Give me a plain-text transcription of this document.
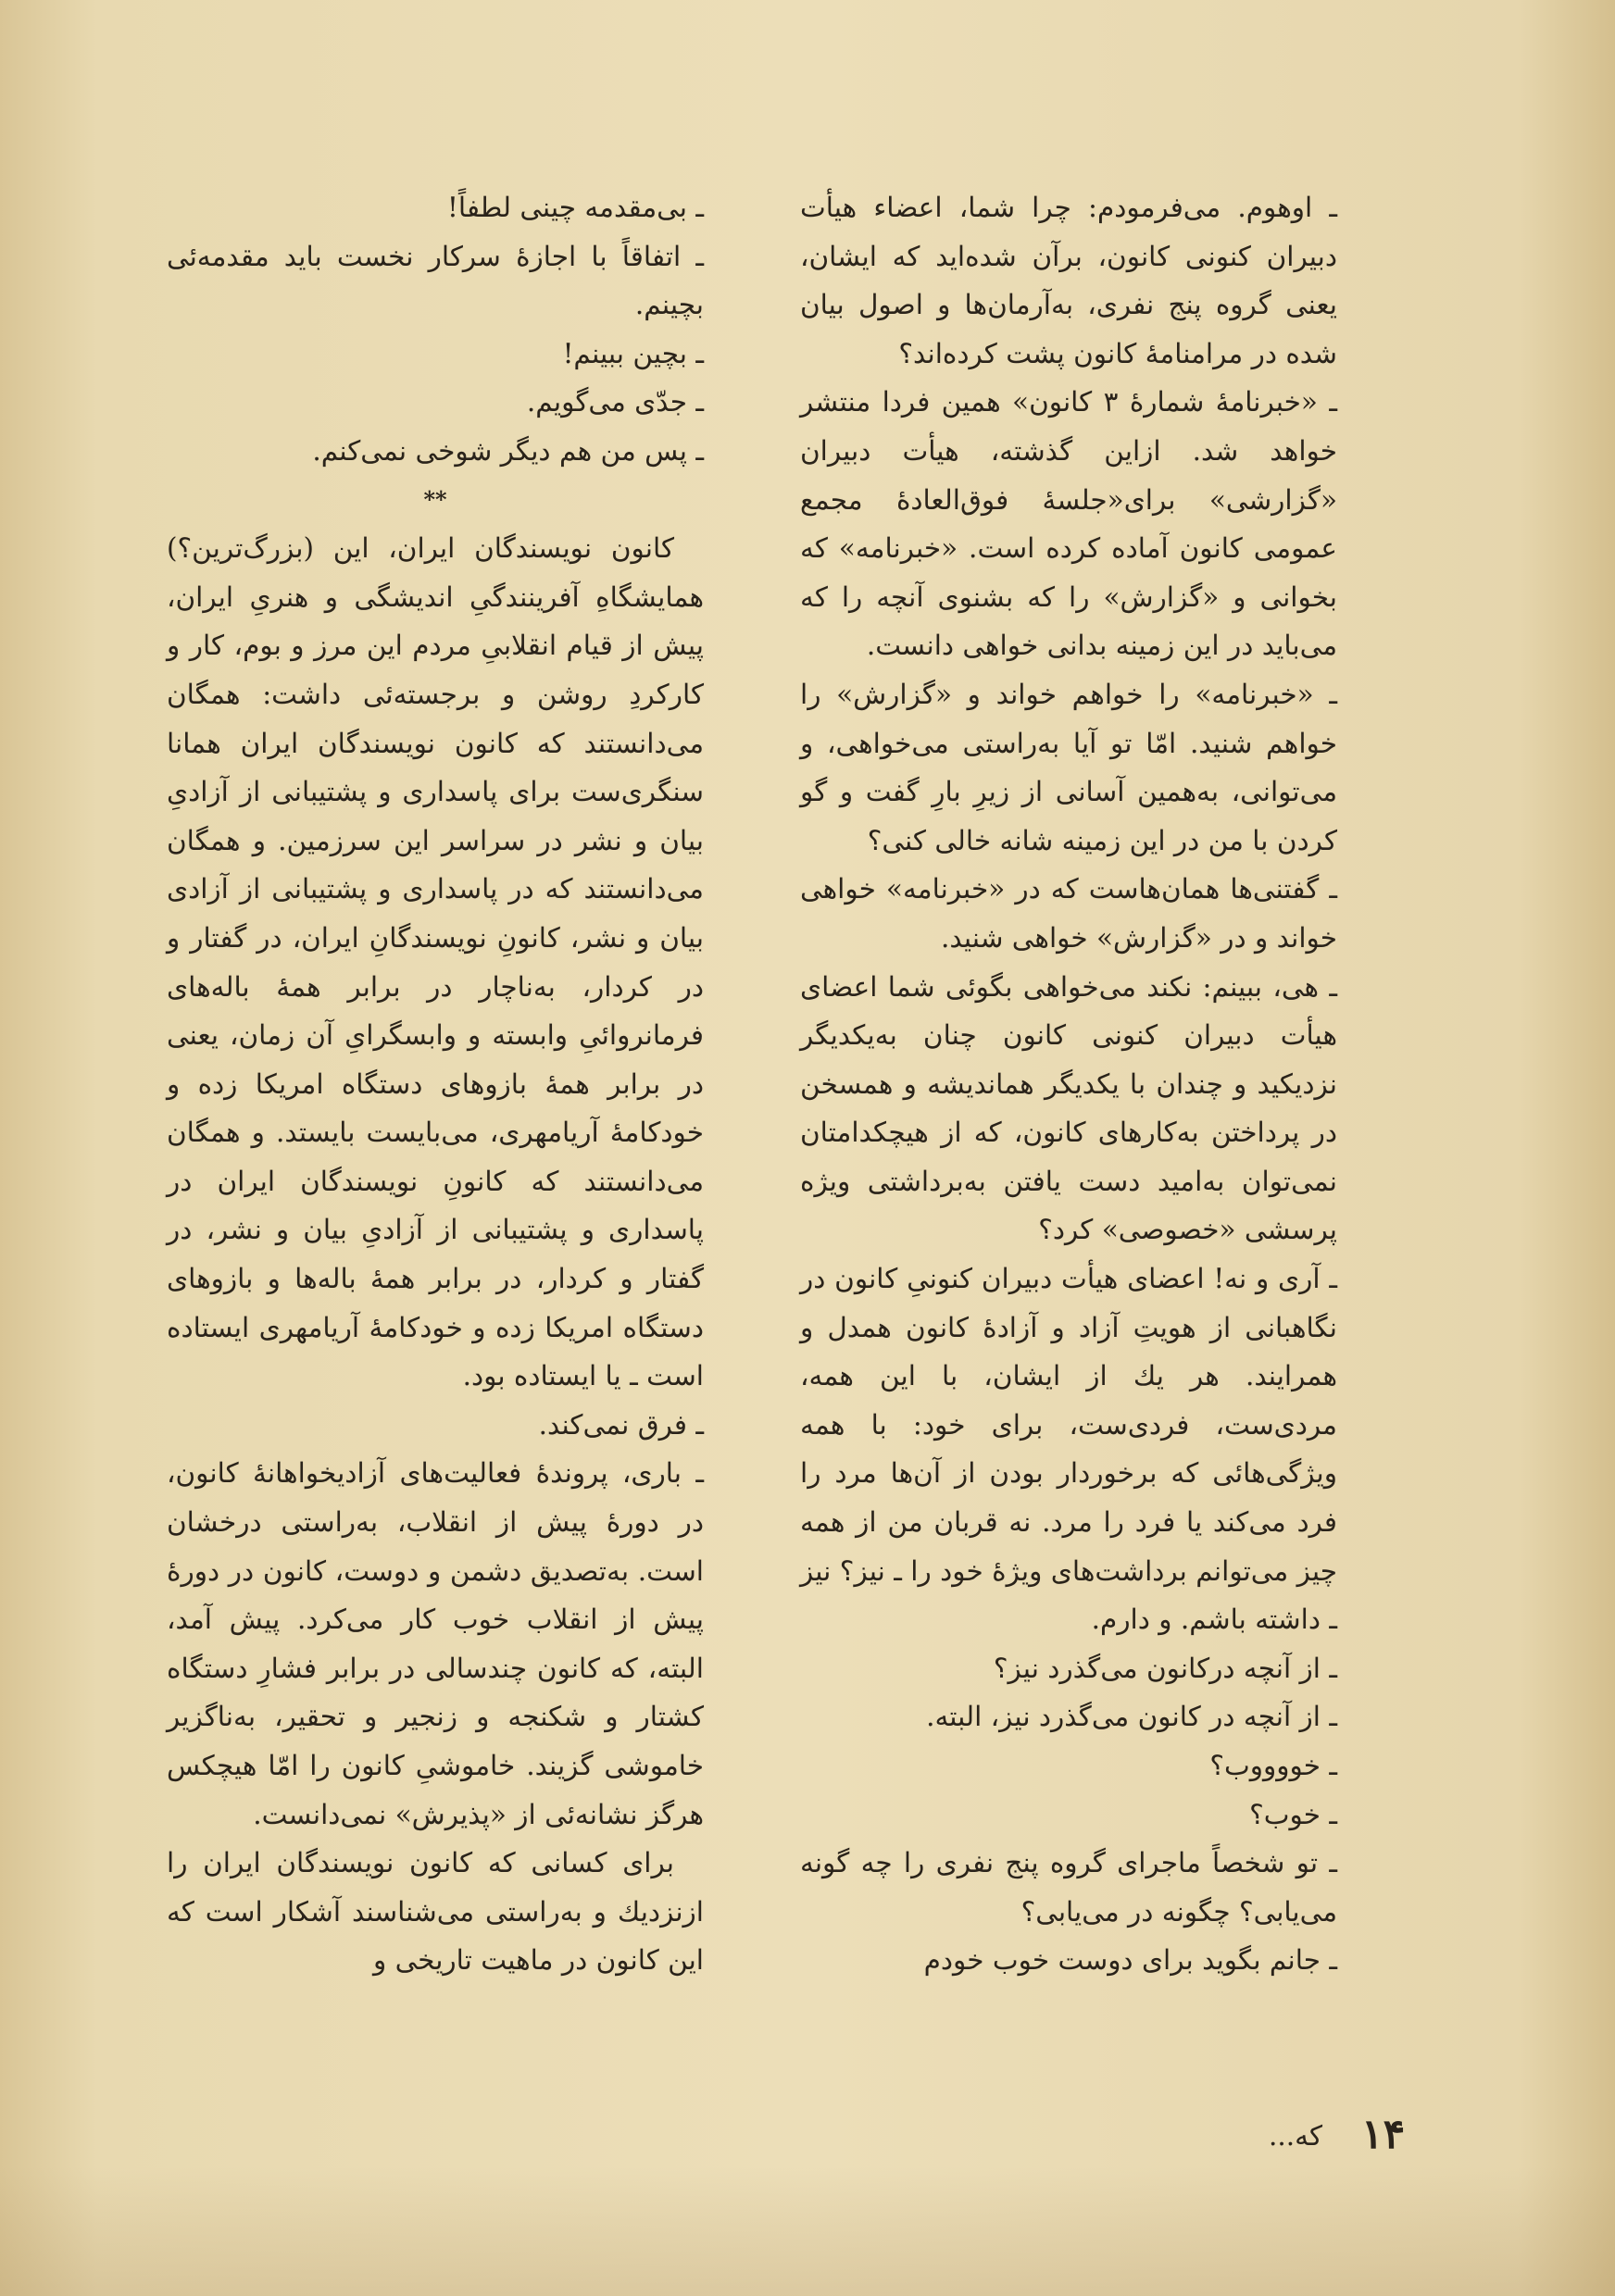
ـ اوهوم. می‌فرمودم: چرا شما، اعضاء هیأت دبیران کنونی کانون، برآن شده‌اید که ایشان، یعنی گروه پنج نفری، به‌آرمان‌ها و اصول بیان شده در مرامنامهٔ کانون پشت کرده‌اند؟

ـ «خبرنامهٔ شمارهٔ ۳ کانون» همین فردا منتشر خواهد شد. ازاین گذشته، هیأت دبیران «گزارشی» برای«جلسهٔ فوق‌العادهٔ مجمع عمومی کانون آماده کرده است. «خبرنامه» که بخوانی و «گزارش» را که بشنوی آنچه را که می‌باید در این زمینه بدانی خواهی دانست.

ـ «خبرنامه» را خواهم خواند و «گزارش» را خواهم شنید. امّا تو آیا به‌راستی می‌خواهی، و می‌توانی، به‌همین آسانی از زیرِ بارِ گفت و گو کردن با من در این زمینه شانه خالی کنی؟

ـ گفتنی‌ها همان‌هاست که در «خبرنامه» خواهی خواند و در «گزارش» خواهی شنید.

ـ هی، ببینم: نکند می‌خواهی بگوئی شما اعضای هیأت دبیران کنونی کانون چنان به‌یکدیگر نزدیکید و چندان با یکدیگر هماندیشه و همسخن در پرداختن به‌کارهای کانون، که از هیچکدامتان نمی‌توان به‌امید دست یافتن به‌برداشتی ویژه پرسشی «خصوصی» کرد؟

ـ آری و نه! اعضای هیأت دبیران کنونیِ کانون در نگاهبانی از هویتِ آزاد و آزادهٔ کانون همدل و همرایند. هر یك از ایشان، با این همه، مردی‌ست، فردی‌ست، برای خود: با همه ویژگی‌هائی که برخوردار بودن از آن‌ها مرد را فرد می‌کند یا فرد را مرد. نه قربان من از همه چیز می‌توانم برداشت‌های ویژهٔ خود را ـ نیز؟ نیز ـ داشته باشم. و دارم.

ـ از آنچه درکانون می‌گذرد نیز؟

ـ از آنچه در کانون می‌گذرد نیز، البته.

ـ خووووب؟

ـ خوب؟

ـ تو شخصاً ماجرای گروه پنج نفری را چه گونه می‌یابی؟ چگونه در می‌یابی؟

ـ جانم بگوید برای دوست خوب خودم

ـ بی‌مقدمه چینی لطفاً!

ـ اتفاقاً با اجازهٔ سرکار نخست باید مقدمه‌ئی بچینم.

ـ بچین ببینم!

ـ جدّی می‌گویم.

ـ پس من هم دیگر شوخی نمی‌کنم.

**

کانون نویسندگان ایران، این (بزرگ‌ترین؟) همایشگاهِ آفرینندگیِ اندیشگی و هنریِ ایران، پیش از قیام انقلابیِ مردم این مرز و بوم، کار و کارکردِ روشن و برجسته‌ئی داشت: همگان می‌دانستند که کانون نویسندگان ایران همانا سنگری‌ست برای پاسداری و پشتیبانی از آزادیِ بیان و نشر در سراسر این سرزمین. و همگان می‌دانستند که در پاسداری و پشتیبانی از آزادی بیان و نشر، کانونِ نویسندگانِ ایران، در گفتار و در کردار، به‌ناچار در برابر همهٔ باله‌های فرمانروائیِ وابسته و وابسگرایِ آن زمان، یعنی در برابر همهٔ بازوهای دستگاه امریکا زده و خودکامهٔ آریامهری، می‌بایست بایستد. و همگان می‌دانستند که کانونِ نویسندگان ایران در پاسداری و پشتیبانی از آزادیِ بیان و نشر، در گفتار و کردار، در برابر همهٔ باله‌ها و بازوهای دستگاه امریکا زده و خودکامهٔ آریامهری ایستاده است ـ یا ایستاده بود.

ـ فرق نمی‌کند.

ـ باری، پروندهٔ فعالیت‌های آزادیخواهانهٔ کانون، در دورهٔ پیش از انقلاب، به‌راستی درخشان است. به‌تصدیق دشمن و دوست، کانون در دورهٔ پیش از انقلاب خوب کار می‌کرد. پیش آمد، البته، که کانون چندسالی در برابر فشارِ دستگاه کشتار و شکنجه و زنجیر و تحقیر، به‌ناگزیر خاموشی گزیند. خاموشیِ کانون را امّا هیچکس هرگز نشانه‌ئی از «پذیرش» نمی‌دانست.

برای کسانی که کانون نویسندگان ایران را ازنزدیك و به‌راستی می‌شناسند آشکار است که این کانون در ماهیت تاریخی و

که... ۱۴
